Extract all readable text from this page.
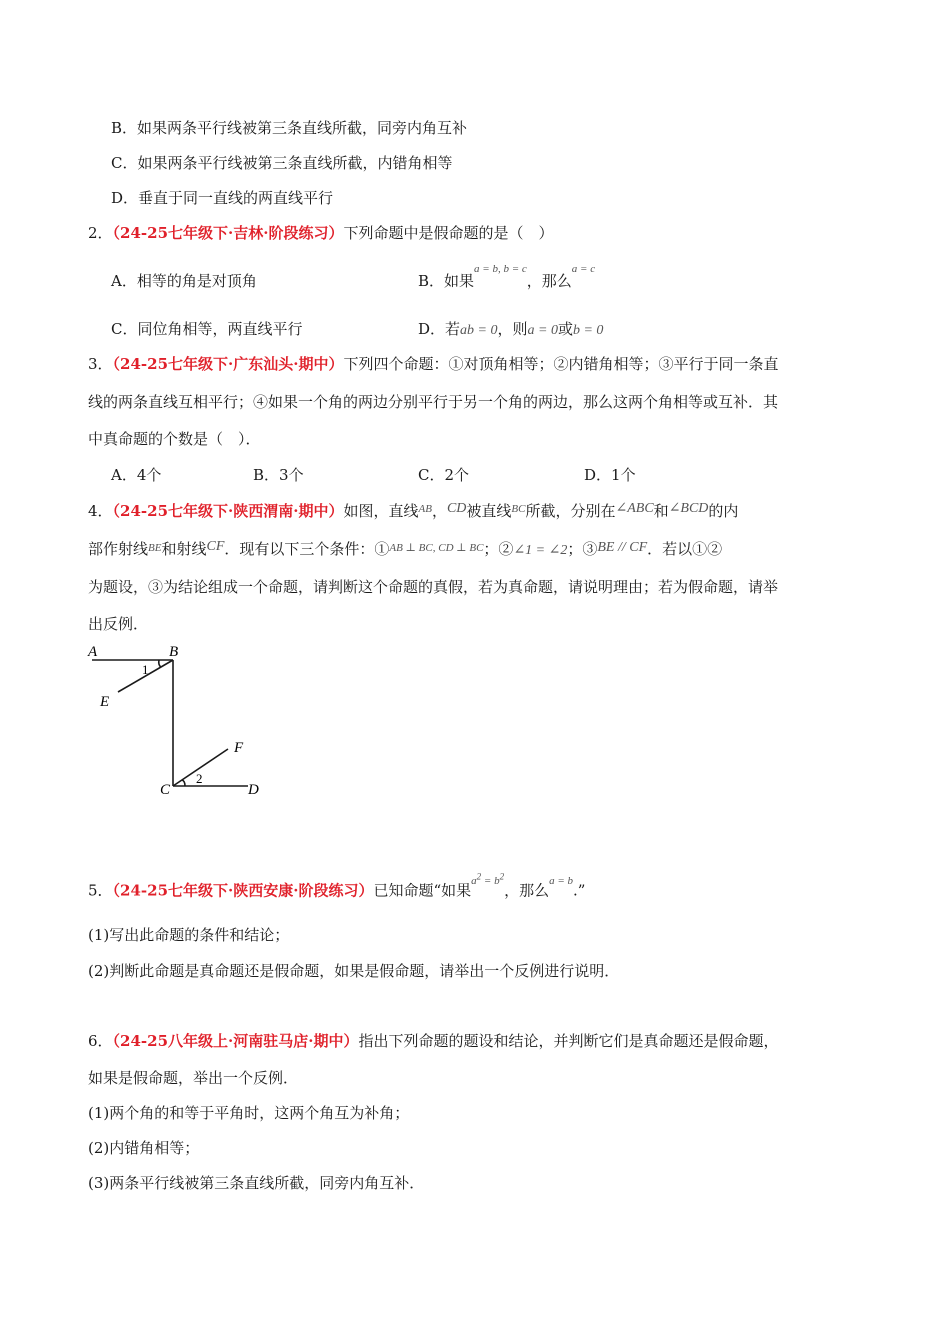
B．如果两条平行线被第三条直线所截，同旁内角互补
C．如果两条平行线被第三条直线所截，内错角相等
D．垂直于同一直线的两直线平行
2．（24-25七年级下·吉林·阶段练习）下列命题中是假命题的是（　）
A．相等的角是对顶角	B．如果$^{a = b, b = c}$，那么$^{a = c}$
C．同位角相等，两直线平行	D．若ab = 0，则a = 0或b = 0
3．（24-25七年级下·广东汕头·期中）下列四个命题：①对顶角相等；②内错角相等；③平行于同一条直
线的两条直线互相平行；④如果一个角的两边分别平行于另一个角的两边，那么这两个角相等或互补．其
中真命题的个数是（　）．
A．4个	B．3个	C．2个	D．1个
4．（24-25七年级下·陕西渭南·期中）如图，直线$^{AB}$，CD被直线$^{BC}$所截，分别在∠ABC和∠BCD的内
部作射线$^{BE}$和射线CF．现有以下三个条件：①$^{AB \perp BC, CD \perp BC}$；②∠1 = ∠2；③BE // CF．若以①②
为题设，③为结论组成一个命题，请判断这个命题的真假，若为真命题，请说明理由；若为假命题，请举
出反例．
A	B
C	D
E
F
1
2
5．（24-25七年级下·陕西安康·阶段练习）已知命题“如果$^{a^2 = b^2}$，那么$^{a = b}$.”
(1)写出此命题的条件和结论；
(2)判断此命题是真命题还是假命题，如果是假命题，请举出一个反例进行说明．
6．（24-25八年级上·河南驻马店·期中）指出下列命题的题设和结论，并判断它们是真命题还是假命题，
如果是假命题，举出一个反例．
(1)两个角的和等于平角时，这两个角互为补角；
(2)内错角相等；
(3)两条平行线被第三条直线所截，同旁内角互补．
